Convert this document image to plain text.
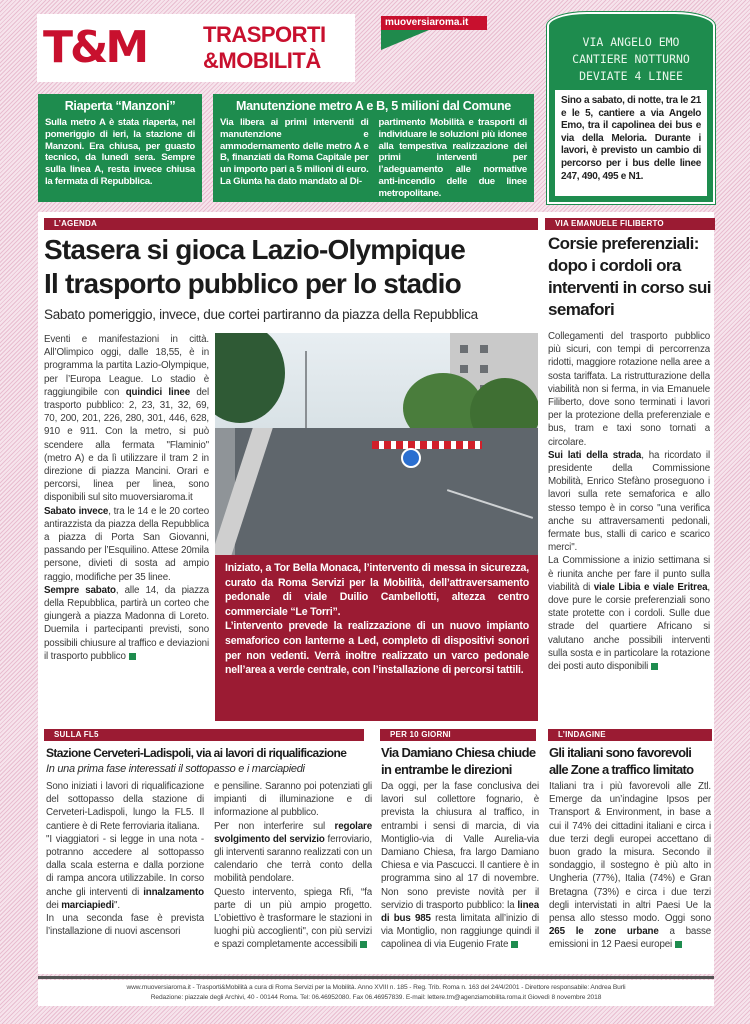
T&M	TRASPORTI
&MOBILITÀ
muoversiaroma.it
VIA ANGELO EMO
CANTIERE NOTTURNO
DEVIATE 4 LINEE
Sino a sabato, di notte, tra le 21 e le 5, cantiere a via Angelo Emo, tra il capolinea dei bus e via della Meloria. Durante i lavori, è previsto un cambio di percorso per i bus delle linee 247, 490, 495 e N1.
Riaperta “Manzoni”

Sulla metro A è stata riaperta, nel pomeriggio di ieri, la stazione di Manzoni. Era chiusa, per guasto tecnico, da lunedì sera. Sempre sulla linea A, resta invece chiusa la fermata di Repubblica.

Manutenzione metro A e B, 5 milioni dal Comune

Via libera ai primi interventi di manutenzione e ammodernamento delle metro A e B, finanziati da Roma Capitale per un importo pari a 5 milioni di euro. La Giunta ha dato mandato al Di-

partimento Mobilità e trasporti di individuare le soluzioni più idonee alla tempestiva realizzazione dei primi interventi per l’adeguamento alle normative anti-incendio delle due linee metropolitane.

L’AGENDA
Stasera si gioca Lazio-Olympique
Il trasporto pubblico per lo stadio
Sabato pomeriggio, invece, due cortei partiranno da piazza della Repubblica

Eventi e manifestazioni in città. All’Olimpico oggi, dalle 18,55, è in programma la partita Lazio-Olympique, per l’Europa League. Lo stadio è raggiungibile con quindici linee del trasporto pubblico: 2, 23, 31, 32, 69, 70, 200, 201, 226, 280, 301, 446, 628, 910 e 911. Con la metro, si può scendere alla fermata "Flaminio" (metro A) e da lì utilizzare il tram 2 in direzione di piazza Mancini. Orari e percorsi, linea per linea, sono disponibili sul sito muoversiaroma.it

Sabato invece, tra le 14 e le 20 corteo antirazzista da piazza della Repubblica a piazza di Porta San Giovanni, passando per l’Esquilino. Attese 20mila persone, divieti di sosta ad ampio raggio, modifiche per 35 linee.

Sempre sabato, alle 14, da piazza della Repubblica, partirà un corteo che giungerà a piazza Madonna di Loreto. Duemila i partecipanti previsti, sono possibili chiusure al traffico e deviazioni il trasporto pubblico

Iniziato, a Tor Bella Monaca, l’intervento di messa in sicurezza, curato da Roma Servizi per la Mobilità, dell’attraversamento pedonale di viale Duilio Cambellotti, altezza centro commerciale “Le Torri”.

L’intervento prevede la realizzazione di un nuovo impianto semaforico con lanterne a Led, completo di dispositivi sonori per non vedenti. Verrà inoltre realizzato un varco pedonale nell’area a verde centrale, con l’installazione di percorsi tattili.

VIA EMANUELE FILIBERTO
Corsie preferenziali: dopo i cordoli ora interventi in corso sui semafori

Collegamenti del trasporto pubblico più sicuri, con tempi di percorrenza ridotti, maggiore rotazione nella aree a sosta tariffata. La ristrutturazione della viabilità non si ferma, in via Emanuele Filiberto, dove sono terminati i lavori per la protezione della preferenziale e bus, tram e taxi sono tornati a circolare.

Sui lati della strada, ha ricordato il presidente della Commissione Mobilità, Enrico Stefàno proseguono i lavori sulla rete semaforica e allo stesso tempo è in corso "una verifica anche su attraversamenti pedonali, fermate bus, stalli di carico e scarico merci".

La Commissione a inizio settimana si è riunita anche per fare il punto sulla viabilità di viale Libia e viale Eritrea, dove pure le corsie preferenziali sono state protette con i cordoli. Sulle due strade del quartiere Africano si valutano anche possibili interventi sulla sosta e in particolare la rotazione dei posti auto disponibili

SULLA FL5
Stazione Cerveteri-Ladispoli, via ai lavori di riqualificazione
In una prima fase interessati il sottopasso e i marciapiedi

Sono iniziati i lavori di riqualificazione del sottopasso della stazione di Cerveteri-Ladispoli, lungo la FL5. Il cantiere è di Rete ferroviaria italiana.

"I viaggiatori - si legge in una nota - potranno accedere al sottopasso dalla scala esterna e dalla porzione di rampa ancora utilizzabile. In corso anche gli interventi di innalzamento dei marciapiedi".

In una seconda fase è prevista l’installazione di nuovi ascensori

e pensiline. Saranno poi potenziati gli impianti di illuminazione e di informazione al pubblico.

Per non interferire sul regolare svolgimento del servizio ferroviario, gli interventi saranno realizzati con un calendario che terrà conto della mobilità pendolare.

Questo intervento, spiega Rfi, “fa parte di un più ampio progetto. L’obiettivo è trasformare le stazioni in luoghi più accoglienti", con più servizi e spazi completamente accessibili

PER 10 GIORNI
Via Damiano Chiesa chiude in entrambe le direzioni

Da oggi, per la fase conclusiva dei lavori sul collettore fognario, è prevista la chiusura al traffico, in entrambi i sensi di marcia, di via Montiglio-via di Valle Aurelia-via Damiano Chiesa, fra largo Damiano Chiesa e via Pascucci. Il cantiere è in programma sino al 17 di novembre. Non sono previste novità per il servizio di trasporto pubblico: la linea di bus 985 resta limitata all’inizio di via Montiglio, non raggiunge quindi il capolinea di via Eugenio Frate

L’INDAGINE
Gli italiani sono favorevoli alle Zone a traffico limitato

Italiani tra i più favorevoli alle Ztl. Emerge da un’indagine Ipsos per Transport & Environment, in base a cui il 74% dei cittadini italiani e circa i due terzi degli europei accettano di buon grado la misura. Secondo il sondaggio, il sostegno è più alto in Ungheria (77%), Italia (74%) e Gran Bretagna (73%) e circa i due terzi degli intervistati in altri Paesi Ue la pensa allo stesso modo. Oggi sono 265 le zone urbane a basse emissioni in 12 Paesi europei

www.muoversiaroma.it - Trasporti&Mobilità a cura di Roma Servizi per la Mobilità. Anno XVIII n. 185 - Reg. Trib. Roma n. 163 del 24/4/2001 - Direttore responsabile: Andrea Burli
Redazione: piazzale degli Archivi, 40 - 00144 Roma. Tel: 06.46952080. Fax 06.46957839. E-mail: lettere.tm@agenziamobilita.roma.it Giovedì 8 novembre 2018
